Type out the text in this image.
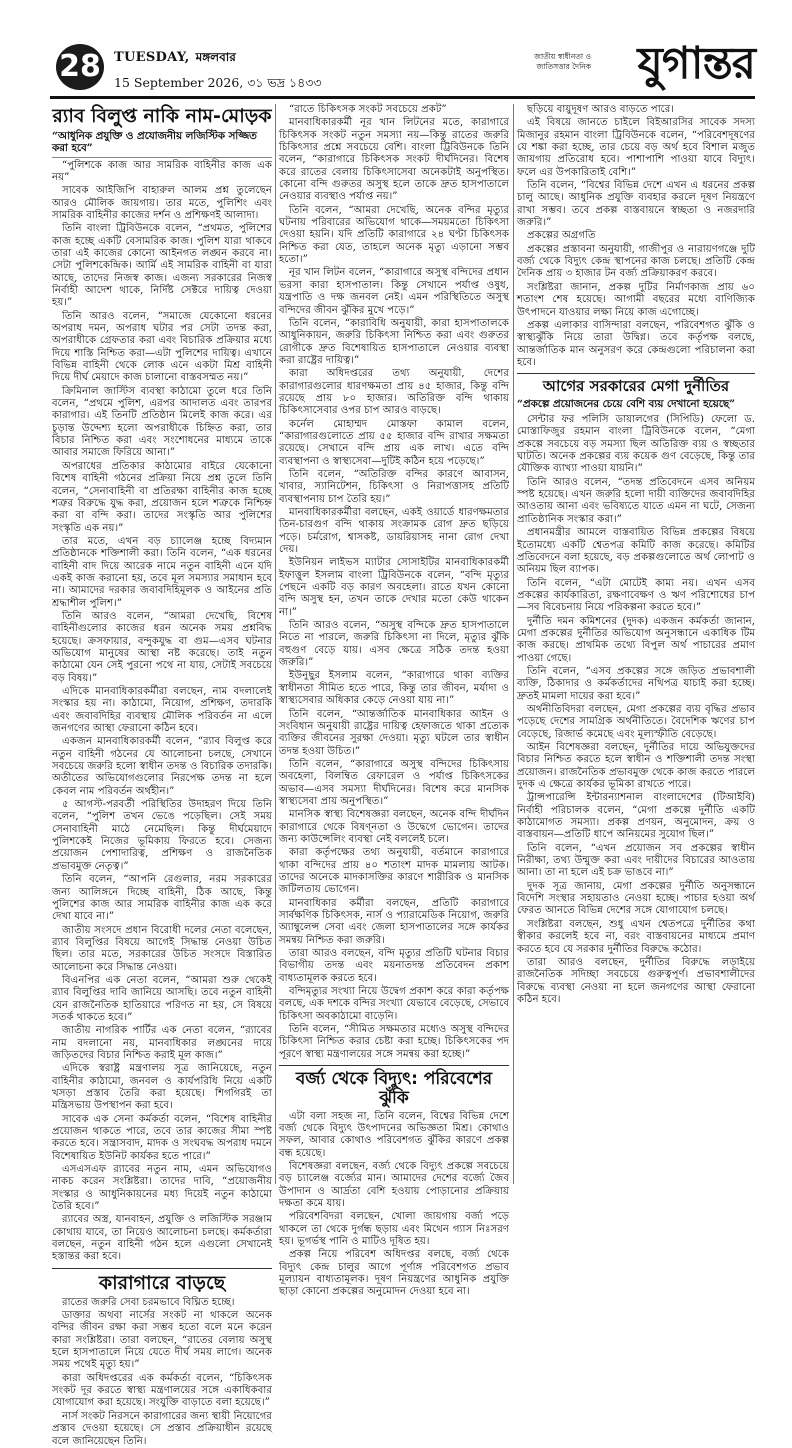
28 TUESDAY, মঙ্গলবার
15 September 2026, ৩১ ভদ্র ১৪৩৩
জাতীয় স্বাধীনতা ও জাতিসত্তার দৈনিক যুগান্তর
র‌্যাব বিলুপ্ত নাকি নাম-মোড়ক
“আধুনিক প্রযুক্তি ও প্রযোজনীয় লজিস্টিক সজ্জিত করা হবে”

“পুলিশকে কাজ আর সামরিক বাহিনীর কাজ এক নয়”

সাবেক আইজিপি বাহারুল আলম প্রশ্ন তুলেছেন আরও মৌলিক জায়গায়। তার মতে, পুলিশিং এবং সামরিক বাহিনীর কাজের দর্শন ও প্রশিক্ষণই আলাদা।

তিনি বাংলা ট্রিবিউনকে বলেন, “প্রথমত, পুলিশের কাজ হচ্ছে একটি বেসামরিক কাজ। পুলিশ যারা থাকবে তারা এই কাজের কোনো আইনগত লঙ্ঘন করবে না। সেটা পুলিশকেন্দ্রিক। আর্মি এই সামরিক বাহিনী বা যারা আছে, তাদের নিজস্ব কাজ। এজন্য সরকারের নিজস্ব নির্বাহী আদেশ থাকে, নির্দিষ্ট সেক্টরে দায়িত্ব দেওয়া হয়।”

তিনি আরও বলেন, “সমাজে যেকোনো ধরনের অপরাধ দমন, অপরাধ ঘটার পর সেটা তদন্ত করা, অপরাধীকে গ্রেফতার করা এবং বিচারিক প্রক্রিয়ার মধ্যে দিয়ে শাস্তি নিশ্চিত করা—এটা পুলিশের দায়িত্ব। এখানে বিভিন্ন বাহিনী থেকে লোক এনে একটা মিশ্র বাহিনী দিয়ে দীর্ঘ মেয়াদে কাজ চালানো বাস্তবসম্মত নয়।”

ক্রিমিনাল জাস্টিস ব্যবস্থা কাঠামো তুলে ধরে তিনি বলেন, “প্রথমে পুলিশ, এরপর আদালত এবং তারপর কারাগার। এই তিনটি প্রতিষ্ঠান মিলেই কাজ করে। এর চূড়ান্ত উদ্দেশ্য হলো অপরাধীকে চিহ্নিত করা, তার বিচার নিশ্চিত করা এবং সংশোধনের মাধ্যমে তাকে আবার সমাজে ফিরিয়ে আনা।”

অপরাধের প্রতিকার কাঠামোর বাইরে যেকোনো বিশেষ বাহিনী গঠনের প্রক্রিয়া নিয়ে প্রশ্ন তুলে তিনি বলেন, “সেনাবাহিনী বা প্রতিরক্ষা বাহিনীর কাজ হচ্ছে শত্রুর বিরুদ্ধে যুদ্ধ করা, প্রয়োজন হলে শত্রুকে নিশ্চিহ্ন করা বা বন্দি করা। তাদের সংস্কৃতি আর পুলিশের সংস্কৃতি এক নয়।”

তার মতে, এখন বড় চ্যালেঞ্জ হচ্ছে বিদ্যমান প্রতিষ্ঠানকে শক্তিশালী করা। তিনি বলেন, “এক ধরনের বাহিনী বাদ দিয়ে আরেক নামে নতুন বাহিনী এনে যদি একই কাজ করানো হয়, তবে মূল সমস্যার সমাধান হবে না। আমাদের দরকার জবাবদিহিমূলক ও আইনের প্রতি শ্রদ্ধাশীল পুলিশ।”

তিনি আরও বলেন, “আমরা দেখেছি, বিশেষ বাহিনীগুলোর কাজের ধরন অনেক সময় প্রশ্নবিদ্ধ হয়েছে। ক্রসফায়ার, বন্দুকযুদ্ধ বা গুম—এসব ঘটনার অভিযোগ মানুষের আস্থা নষ্ট করেছে। তাই নতুন কাঠামো যেন সেই পুরনো পথে না যায়, সেটাই সবচেয়ে বড় বিষয়।”

এদিকে মানবাধিকারকর্মীরা বলছেন, নাম বদলালেই সংস্কার হয় না। কাঠামো, নিয়োগ, প্রশিক্ষণ, তদারকি এবং জবাবদিহির ব্যবস্থায় মৌলিক পরিবর্তন না এলে জনগণের আস্থা ফেরানো কঠিন হবে।

একজন মানবাধিকারকর্মী বলেন, “র‌্যাব বিলুপ্ত করে নতুন বাহিনী গঠনের যে আলোচনা চলছে, সেখানে সবচেয়ে জরুরি হলো স্বাধীন তদন্ত ও বিচারিক তদারকি। অতীতের অভিযোগগুলোর নিরপেক্ষ তদন্ত না হলে কেবল নাম পরিবর্তন অর্থহীন।”

৫ আগস্ট-পরবর্তী পরিস্থিতির উদাহরণ দিয়ে তিনি বলেন, “পুলিশ তখন ভেঙে পড়েছিল। সেই সময় সেনাবাহিনী মাঠে নেমেছিল। কিন্তু দীর্ঘমেয়াদে পুলিশকেই নিজের ভূমিকায় ফিরতে হবে। সেজন্য প্রয়োজন পেশাদারিত্ব, প্রশিক্ষণ ও রাজনৈতিক প্রভাবমুক্ত নেতৃত্ব।”

তিনি বলেন, “আপনি রেগুলার, নরম সরকারের জন্য আলিঙ্গনে দিচ্ছে বাহিনী, ঠিক আছে, কিন্তু পুলিশের কাজ আর সামরিক বাহিনীর কাজ এক করে দেখা যাবে না।”

জাতীয় সংসদে প্রধান বিরোধী দলের নেতা বলেছেন, র‌্যাব বিলুপ্তির বিষয়ে আগেই সিদ্ধান্ত নেওয়া উচিত ছিল। তার মতে, সরকারের উচিত সংসদে বিস্তারিত আলোচনা করে সিদ্ধান্ত নেওয়া।

বিএনপির এক নেতা বলেন, “আমরা শুরু থেকেই র‌্যাব বিলুপ্তির দাবি জানিয়ে আসছি। তবে নতুন বাহিনী যেন রাজনৈতিক হাতিয়ারে পরিণত না হয়, সে বিষয়ে সতর্ক থাকতে হবে।”

জাতীয় নাগরিক পার্টির এক নেতা বলেন, “র‌্যাবের নাম বদলানো নয়, মানবাধিকার লঙ্ঘনের দায়ে জড়িতদের বিচার নিশ্চিত করাই মূল কাজ।”

এদিকে স্বরাষ্ট্র মন্ত্রণালয় সূত্র জানিয়েছে, নতুন বাহিনীর কাঠামো, জনবল ও কার্যপরিধি নিয়ে একটি খসড়া প্রস্তাব তৈরি করা হয়েছে। শিগগিরই তা মন্ত্রিসভায় উপস্থাপন করা হবে।

সাবেক এক সেনা কর্মকর্তা বলেন, “বিশেষ বাহিনীর প্রয়োজন থাকতে পারে, তবে তার কাজের সীমা স্পষ্ট করতে হবে। সন্ত্রাসবাদ, মাদক ও সংঘবদ্ধ অপরাধ দমনে বিশেষায়িত ইউনিট কার্যকর হতে পারে।”

এসএসএফ র‌্যাবের নতুন নাম, এমন অভিযোগও নাকচ করেন সংশ্লিষ্টরা। তাদের দাবি, “প্রয়োজনীয় সংস্কার ও আধুনিকায়নের মধ্য দিয়েই নতুন কাঠামো তৈরি হবে।”

র‌্যাবের অস্ত্র, যানবাহন, প্রযুক্তি ও লজিস্টিক সরঞ্জাম কোথায় যাবে, তা নিয়েও আলোচনা চলছে। কর্মকর্তারা বলছেন, নতুন বাহিনী গঠন হলে এগুলো সেখানেই হস্তান্তর করা হবে।

কারাগারে বাড়ছে

রাতের জরুরি সেবা চরমভাবে বিঘ্নিত হচ্ছে।

ডাক্তার অথবা নার্সের সংকট না থাকলে অনেক বন্দির জীবন রক্ষা করা সম্ভব হতো বলে মনে করেন কারা সংশ্লিষ্টরা। তারা বলছেন, “রাতের বেলায় অসুস্থ হলে হাসপাতালে নিয়ে যেতে দীর্ঘ সময় লাগে। অনেক সময় পথেই মৃত্যু হয়।”

কারা অধিদপ্তরের এক কর্মকর্তা বলেন, “চিকিৎসক সংকট দূর করতে স্বাস্থ্য মন্ত্রণালয়ের সঙ্গে একাধিকবার যোগাযোগ করা হয়েছে। সংযুক্তি বাড়াতে বলা হয়েছে।”

নার্স সংকট নিরসনে কারাগারের জন্য স্থায়ী নিয়োগের প্রস্তাব দেওয়া হয়েছে। সে প্রস্তাব প্রক্রিয়াধীন রয়েছে বলে জানিয়েছেন তিনি।

“রাতে চিকিৎসক সংকট সবচেয়ে প্রকট”

মানবাধিকারকর্মী নূর খান লিটনের মতে, কারাগারে চিকিৎসক সংকট নতুন সমস্যা নয়—কিন্তু রাতের জরুরি চিকিৎসার প্রশ্নে সবচেয়ে বেশি। বাংলা ট্রিবিউনকে তিনি বলেন, “কারাগারে চিকিৎসক সংকট দীর্ঘদিনের। বিশেষ করে রাতের বেলায় চিকিৎসাসেবা অনেকটাই অনুপস্থিত। কোনো বন্দি গুরুতর অসুস্থ হলে তাকে দ্রুত হাসপাতালে নেওয়ার ব্যবস্থাও পর্যাপ্ত নয়।”

তিনি বলেন, “আমরা দেখেছি, অনেক বন্দির মৃত্যুর ঘটনায় পরিবারের অভিযোগ থাকে—সময়মতো চিকিৎসা দেওয়া হয়নি। যদি প্রতিটি কারাগারে ২৪ ঘণ্টা চিকিৎসক নিশ্চিত করা যেত, তাহলে অনেক মৃত্যু এড়ানো সম্ভব হতো।”

নূর খান লিটন বলেন, “কারাগারে অসুস্থ বন্দিদের প্রধান ভরসা কারা হাসপাতাল। কিন্তু সেখানে পর্যাপ্ত ওষুধ, যন্ত্রপাতি ও দক্ষ জনবল নেই। এমন পরিস্থিতিতে অসুস্থ বন্দিদের জীবন ঝুঁকির মুখে পড়ে।”

তিনি বলেন, “কারাবিধি অনুযায়ী, কারা হাসপাতালকে আধুনিকায়ন, জরুরি চিকিৎসা নিশ্চিত করা এবং গুরুতর রোগীকে দ্রুত বিশেষায়িত হাসপাতালে নেওয়ার ব্যবস্থা করা রাষ্ট্রের দায়িত্ব।”

কারা অধিদপ্তরের তথ্য অনুযায়ী, দেশের কারাগারগুলোর ধারণক্ষমতা প্রায় ৪৫ হাজার, কিন্তু বন্দি রয়েছে প্রায় ৮০ হাজার। অতিরিক্ত বন্দি থাকায় চিকিৎসাসেবার ওপর চাপ আরও বাড়ছে।

কর্নেল মোহাম্মদ মোস্তফা কামাল বলেন, “কারাগারগুলোতে প্রায় ৫৫ হাজার বন্দি রাখার সক্ষমতা রয়েছে। সেখানে বন্দি প্রায় এক লাখ। এতে বন্দি ব্যবস্থাপনা ও স্বাস্থ্যসেবা—দুটিই কঠিন হয়ে পড়েছে।”

তিনি বলেন, “অতিরিক্ত বন্দির কারণে আবাসন, খাবার, স্যানিটেশন, চিকিৎসা ও নিরাপত্তাসহ প্রতিটি ব্যবস্থাপনায় চাপ তৈরি হয়।”

মানবাধিকারকর্মীরা বলছেন, একই ওয়ার্ডে ধারণক্ষমতার তিন-চারগুণ বন্দি থাকায় সংক্রামক রোগ দ্রুত ছড়িয়ে পড়ে। চর্মরোগ, শ্বাসকষ্ট, ডায়রিয়াসহ নানা রোগ দেখা দেয়।

ইউনিয়ন লাইভস ম্যাটার সোসাইটির মানবাধিকারকর্মী ইফাত্তুল ইসলাম বাংলা ট্রিবিউনকে বলেন, “বন্দি মৃত্যুর পেছনে একটি বড় কারণ অবহেলা। রাতে যখন কোনো বন্দি অসুস্থ হন, তখন তাকে দেখার মতো কেউ থাকেন না।”

তিনি আরও বলেন, “অসুস্থ বন্দিকে দ্রুত হাসপাতালে নিতে না পারলে, জরুরি চিকিৎসা না দিলে, মৃত্যুর ঝুঁকি বহুগুণ বেড়ে যায়। এসব ক্ষেত্রে সঠিক তদন্ত হওয়া জরুরি।”

ইউনুছুর ইসলাম বলেন, “কারাগারে থাকা ব্যক্তির স্বাধীনতা সীমিত হতে পারে, কিন্তু তার জীবন, মর্যাদা ও স্বাস্থ্যসেবার অধিকার কেড়ে নেওয়া যায় না।”

তিনি বলেন, “আন্তর্জাতিক মানবাধিকার আইন ও সংবিধান অনুযায়ী রাষ্ট্রের দায়িত্ব হেফাজতে থাকা প্রত্যেক ব্যক্তির জীবনের সুরক্ষা দেওয়া। মৃত্যু ঘটলে তার স্বাধীন তদন্ত হওয়া উচিত।”

তিনি বলেন, “কারাগারে অসুস্থ বন্দিদের চিকিৎসায় অবহেলা, বিলম্বিত রেফারেল ও পর্যাপ্ত চিকিৎসকের অভাব—এসব সমস্যা দীর্ঘদিনের। বিশেষ করে মানসিক স্বাস্থ্যসেবা প্রায় অনুপস্থিত।”

মানসিক স্বাস্থ্য বিশেষজ্ঞরা বলছেন, অনেক বন্দি দীর্ঘদিন কারাগারে থেকে বিষণ্নতা ও উদ্বেগে ভোগেন। তাদের জন্য কাউন্সেলিং ব্যবস্থা নেই বললেই চলে।

কারা কর্তৃপক্ষের তথ্য অনুযায়ী, বর্তমানে কারাগারে থাকা বন্দিদের প্রায় ৪০ শতাংশ মাদক মামলায় আটক। তাদের অনেকে মাদকাসক্তির কারণে শারীরিক ও মানসিক জটিলতায় ভোগেন।

মানবাধিকার কর্মীরা বলছেন, প্রতিটি কারাগারে সার্বক্ষণিক চিকিৎসক, নার্স ও প্যারামেডিক নিয়োগ, জরুরি অ্যাম্বুলেন্স সেবা এবং জেলা হাসপাতালের সঙ্গে কার্যকর সমন্বয় নিশ্চিত করা জরুরি।

তারা আরও বলছেন, বন্দি মৃত্যুর প্রতিটি ঘটনার বিচার বিভাগীয় তদন্ত এবং ময়নাতদন্ত প্রতিবেদন প্রকাশ বাধ্যতামূলক করতে হবে।

বন্দিমৃত্যুর সংখ্যা নিয়ে উদ্বেগ প্রকাশ করে কারা কর্তৃপক্ষ বলছে, এক দশকে বন্দির সংখ্যা যেভাবে বেড়েছে, সেভাবে চিকিৎসা অবকাঠামো বাড়েনি।

তিনি বলেন, “সীমিত সক্ষমতার মধ্যেও অসুস্থ বন্দিদের চিকিৎসা নিশ্চিত করার চেষ্টা করা হচ্ছে। চিকিৎসকের পদ পূরণে স্বাস্থ্য মন্ত্রণালয়ের সঙ্গে সমন্বয় করা হচ্ছে।”

বর্জ্য থেকে বিদ্যুৎ: পরিবেশের ঝুঁকি

এটা বলা সহজ না, তিনি বলেন, বিশ্বের বিভিন্ন দেশে বর্জ্য থেকে বিদ্যুৎ উৎপাদনের অভিজ্ঞতা মিশ্র। কোথাও সফল, আবার কোথাও পরিবেশগত ঝুঁকির কারণে প্রকল্প বন্ধ হয়েছে।

বিশেষজ্ঞরা বলছেন, বর্জ্য থেকে বিদ্যুৎ প্রকল্পে সবচেয়ে বড় চ্যালেঞ্জ বর্জ্যের মান। আমাদের দেশের বর্জ্যে জৈব উপাদান ও আর্দ্রতা বেশি হওয়ায় পোড়ানোর প্রক্রিয়ায় দক্ষতা কমে যায়।

পরিবেশবিদরা বলছেন, খোলা জায়গায় বর্জ্য পড়ে থাকলে তা থেকে দুর্গন্ধ ছড়ায় এবং মিথেন গ্যাস নিঃসরণ হয়। ভূগর্ভস্থ পানি ও মাটিও দূষিত হয়।

প্রকল্প নিয়ে পরিবেশ অধিদপ্তর বলছে, বর্জ্য থেকে বিদ্যুৎ কেন্দ্র চালুর আগে পূর্ণাঙ্গ পরিবেশগত প্রভাব মূল্যায়ন বাধ্যতামূলক। দূষণ নিয়ন্ত্রণের আধুনিক প্রযুক্তি ছাড়া কোনো প্রকল্পের অনুমোদন দেওয়া হবে না।

ছড়িয়ে বায়ুদূষণ আরও বাড়তে পারে।

এই বিষয়ে জানতে চাইলে বিইআরসির সাবেক সদস্য মিজানুর রহমান বাংলা ট্রিবিউনকে বলেন, “পরিবেশদূষণের যে শঙ্কা করা হচ্ছে, তার চেয়ে বড় অর্থ হবে বিশাল মজুত জায়গায় প্রতিরোধ হবে। পাশাপাশি পাওয়া যাবে বিদ্যুৎ। ফলে এর উপকারিতাই বেশি।”

তিনি বলেন, “বিশ্বের বিভিন্ন দেশে এখন এ ধরনের প্রকল্প চালু আছে। আধুনিক প্রযুক্তি ব্যবহার করলে দূষণ নিয়ন্ত্রণে রাখা সম্ভব। তবে প্রকল্প বাস্তবায়নে স্বচ্ছতা ও নজরদারি জরুরি।”

প্রকল্পের অগ্রগতি

প্রকল্পের প্রস্তাবনা অনুযায়ী, গাজীপুর ও নারায়ণগঞ্জে দুটি বর্জ্য থেকে বিদ্যুৎ কেন্দ্র স্থাপনের কাজ চলছে। প্রতিটি কেন্দ্র দৈনিক প্রায় ৩ হাজার টন বর্জ্য প্রক্রিয়াকরণ করবে।

সংশ্লিষ্টরা জানান, প্রকল্প দুটির নির্মাণকাজ প্রায় ৬০ শতাংশ শেষ হয়েছে। আগামী বছরের মধ্যে বাণিজ্যিক উৎপাদনে যাওয়ার লক্ষ্য নিয়ে কাজ এগোচ্ছে।

প্রকল্প এলাকার বাসিন্দারা বলছেন, পরিবেশগত ঝুঁকি ও স্বাস্থ্যঝুঁকি নিয়ে তারা উদ্বিগ্ন। তবে কর্তৃপক্ষ বলছে, আন্তর্জাতিক মান অনুসরণ করে কেন্দ্রগুলো পরিচালনা করা হবে।

আগের সরকারের মেগা দুর্নীতির
“প্রকল্পে প্রয়োজনের চেয়ে বেশি ব্যয় দেখানো হয়েছে”

সেন্টার ফর পলিসি ডায়ালগের (সিপিডি) ফেলো ড. মোস্তাফিজুর রহমান বাংলা ট্রিবিউনকে বলেন, “মেগা প্রকল্পে সবচেয়ে বড় সমস্যা ছিল অতিরিক্ত ব্যয় ও স্বচ্ছতার ঘাটতি। অনেক প্রকল্পের ব্যয় কয়েক গুণ বেড়েছে, কিন্তু তার যৌক্তিক ব্যাখ্যা পাওয়া যায়নি।”

তিনি আরও বলেন, “তদন্ত প্রতিবেদনে এসব অনিয়ম স্পষ্ট হয়েছে। এখন জরুরি হলো দায়ী ব্যক্তিদের জবাবদিহির আওতায় আনা এবং ভবিষ্যতে যাতে এমন না ঘটে, সেজন্য প্রাতিষ্ঠানিক সংস্কার করা।”

প্রধানমন্ত্রীর আমলে বাস্তবায়িত বিভিন্ন প্রকল্পের বিষয়ে ইতোমধ্যে একটি শ্বেতপত্র কমিটি কাজ করেছে। কমিটির প্রতিবেদনে বলা হয়েছে, বড় প্রকল্পগুলোতে অর্থ লোপাট ও অনিয়ম ছিল ব্যাপক।

তিনি বলেন, “এটা মোটেই কাম্য নয়। এখন এসব প্রকল্পের কার্যকারিতা, রক্ষণাবেক্ষণ ও ঋণ পরিশোধের চাপ—সব বিবেচনায় নিয়ে পরিকল্পনা করতে হবে।”

দুর্নীতি দমন কমিশনের (দুদক) একজন কর্মকর্তা জানান, মেগা প্রকল্পের দুর্নীতির অভিযোগ অনুসন্ধানে একাধিক টিম কাজ করছে। প্রাথমিক তথ্যে বিপুল অর্থ পাচারের প্রমাণ পাওয়া গেছে।

তিনি বলেন, “এসব প্রকল্পের সঙ্গে জড়িত প্রভাবশালী ব্যক্তি, ঠিকাদার ও কর্মকর্তাদের নথিপত্র যাচাই করা হচ্ছে। দ্রুতই মামলা দায়ের করা হবে।”

অর্থনীতিবিদরা বলছেন, মেগা প্রকল্পের ব্যয় বৃদ্ধির প্রভাব পড়েছে দেশের সামগ্রিক অর্থনীতিতে। বৈদেশিক ঋণের চাপ বেড়েছে, রিজার্ভ কমেছে এবং মূল্যস্ফীতি বেড়েছে।

আইন বিশেষজ্ঞরা বলছেন, দুর্নীতির দায়ে অভিযুক্তদের বিচার নিশ্চিত করতে হলে স্বাধীন ও শক্তিশালী তদন্ত সংস্থা প্রয়োজন। রাজনৈতিক প্রভাবমুক্ত থেকে কাজ করতে পারলে দুদক এ ক্ষেত্রে কার্যকর ভূমিকা রাখতে পারে।

ট্রান্সপারেন্সি ইন্টারন্যাশনাল বাংলাদেশের (টিআইবি) নির্বাহী পরিচালক বলেন, “মেগা প্রকল্পে দুর্নীতি একটি কাঠামোগত সমস্যা। প্রকল্প প্রণয়ন, অনুমোদন, ক্রয় ও বাস্তবায়ন—প্রতিটি ধাপে অনিয়মের সুযোগ ছিল।”

তিনি বলেন, “এখন প্রয়োজন সব প্রকল্পের স্বাধীন নিরীক্ষা, তথ্য উন্মুক্ত করা এবং দায়ীদের বিচারের আওতায় আনা। তা না হলে এই চক্র ভাঙবে না।”

দুদক সূত্র জানায়, মেগা প্রকল্পের দুর্নীতি অনুসন্ধানে বিদেশি সংস্থার সহায়তাও নেওয়া হচ্ছে। পাচার হওয়া অর্থ ফেরত আনতে বিভিন্ন দেশের সঙ্গে যোগাযোগ চলছে।

সংশ্লিষ্টরা বলছেন, শুধু এখন শ্বেতপত্রে দুর্নীতির কথা স্বীকার করলেই হবে না, বরং বাস্তবায়নের মাধ্যমে প্রমাণ করতে হবে যে সরকার দুর্নীতির বিরুদ্ধে কঠোর।

তারা আরও বলছেন, দুর্নীতির বিরুদ্ধে লড়াইয়ে রাজনৈতিক সদিচ্ছা সবচেয়ে গুরুত্বপূর্ণ। প্রভাবশালীদের বিরুদ্ধে ব্যবস্থা নেওয়া না হলে জনগণের আস্থা ফেরানো কঠিন হবে।
